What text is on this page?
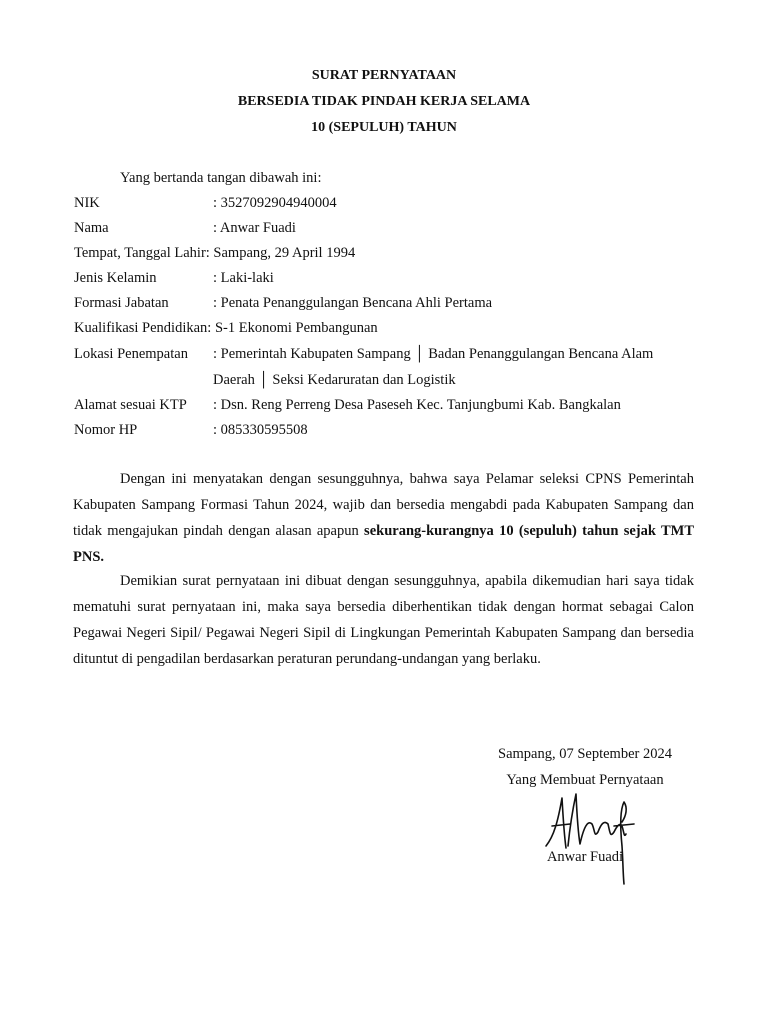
SURAT PERNYATAAN
BERSEDIA TIDAK PINDAH KERJA SELAMA
10 (SEPULUH) TAHUN
Yang bertanda tangan dibawah ini:
NIK	: 3527092904940004
Nama	: Anwar Fuadi
Tempat, Tanggal Lahir: Sampang, 29 April 1994
Jenis Kelamin	: Laki-laki
Formasi Jabatan	: Penata Penanggulangan Bencana Ahli Pertama
Kualifikasi Pendidikan: S-1 Ekonomi Pembangunan
Lokasi Penempatan : Pemerintah Kabupaten Sampang │ Badan Penanggulangan Bencana Alam
Daerah │ Seksi Kedaruratan dan Logistik
Alamat sesuai KTP : Dsn. Reng Perreng Desa Paseseh Kec. Tanjungbumi Kab. Bangkalan
Nomor HP	: 085330595508
Dengan ini menyatakan dengan sesungguhnya, bahwa saya Pelamar seleksi CPNS Pemerintah Kabupaten Sampang Formasi Tahun 2024, wajib dan bersedia mengabdi pada Kabupaten Sampang dan tidak mengajukan pindah dengan alasan apapun sekurang-kurangnya 10 (sepuluh) tahun sejak TMT PNS.
Demikian surat pernyataan ini dibuat dengan sesungguhnya, apabila dikemudian hari saya tidak mematuhi surat pernyataan ini, maka saya bersedia diberhentikan tidak dengan hormat sebagai Calon Pegawai Negeri Sipil/ Pegawai Negeri Sipil di Lingkungan Pemerintah Kabupaten Sampang dan bersedia dituntut di pengadilan berdasarkan peraturan perundang-undangan yang berlaku.
Sampang, 07 September 2024
Yang Membuat Pernyataan
Anwar Fuadi
